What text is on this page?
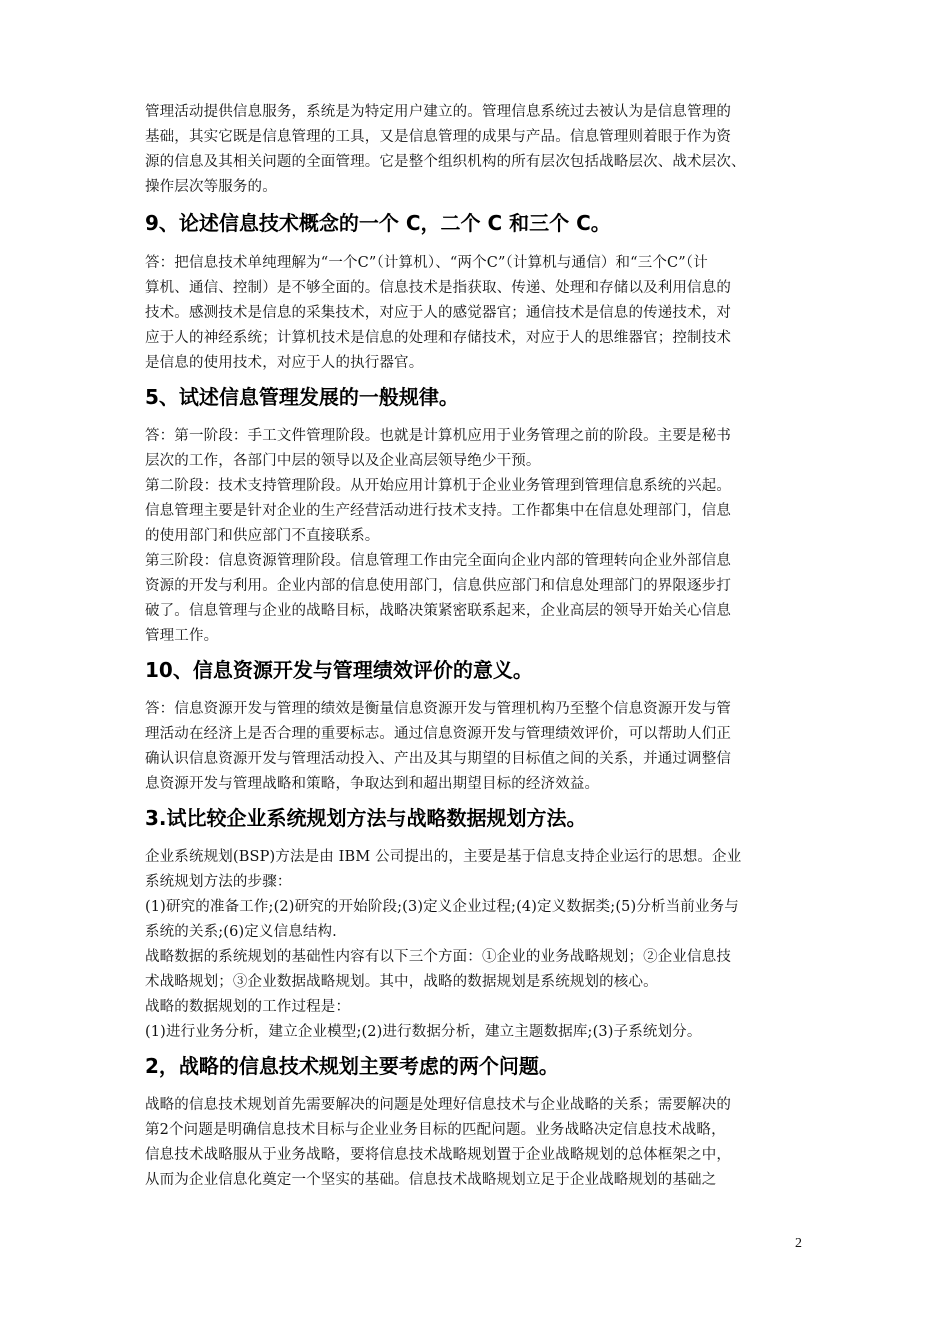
管理活动提供信息服务，系统是为特定用户建立的。管理信息系统过去被认为是信息管理的
基础，其实它既是信息管理的工具，又是信息管理的成果与产品。信息管理则着眼于作为资
源的信息及其相关问题的全面管理。它是整个组织机构的所有层次包括战略层次、战术层次、
操作层次等服务的。

9、论述信息技术概念的一个 C，二个 C 和三个 C。

答：把信息技术单纯理解为“一个C”（计算机）、“两个C”（计算机与通信）和“三个C”（计
算机、通信、控制）是不够全面的。信息技术是指获取、传递、处理和存储以及利用信息的
技术。感测技术是信息的采集技术，对应于人的感觉器官；通信技术是信息的传递技术，对
应于人的神经系统；计算机技术是信息的处理和存储技术，对应于人的思维器官；控制技术
是信息的使用技术，对应于人的执行器官。

5、试述信息管理发展的一般规律。

答：第一阶段：手工文件管理阶段。也就是计算机应用于业务管理之前的阶段。主要是秘书
层次的工作，各部门中层的领导以及企业高层领导绝少干预。
第二阶段：技术支持管理阶段。从开始应用计算机于企业业务管理到管理信息系统的兴起。
信息管理主要是针对企业的生产经营活动进行技术支持。工作都集中在信息处理部门，信息
的使用部门和供应部门不直接联系。
第三阶段：信息资源管理阶段。信息管理工作由完全面向企业内部的管理转向企业外部信息
资源的开发与利用。企业内部的信息使用部门，信息供应部门和信息处理部门的界限逐步打
破了。信息管理与企业的战略目标，战略决策紧密联系起来，企业高层的领导开始关心信息
管理工作。

10、信息资源开发与管理绩效评价的意义。

答：信息资源开发与管理的绩效是衡量信息资源开发与管理机构乃至整个信息资源开发与管
理活动在经济上是否合理的重要标志。通过信息资源开发与管理绩效评价，可以帮助人们正
确认识信息资源开发与管理活动投入、产出及其与期望的目标值之间的关系，并通过调整信
息资源开发与管理战略和策略，争取达到和超出期望目标的经济效益。

3.试比较企业系统规划方法与战略数据规划方法。

企业系统规划(BSP)方法是由 IBM 公司提出的，主要是基于信息支持企业运行的思想。企业
系统规划方法的步骤：
(1)研究的准备工作;(2)研究的开始阶段;(3)定义企业过程;(4)定义数据类;(5)分析当前业务与
系统的关系;(6)定义信息结构.
战略数据的系统规划的基础性内容有以下三个方面：①企业的业务战略规划；②企业信息技
术战略规划；③企业数据战略规划。其中，战略的数据规划是系统规划的核心。
战略的数据规划的工作过程是：
(1)进行业务分析，建立企业模型;(2)进行数据分析，建立主题数据库;(3)子系统划分。

2，战略的信息技术规划主要考虑的两个问题。

战略的信息技术规划首先需要解决的问题是处理好信息技术与企业战略的关系；需要解决的
第2个问题是明确信息技术目标与企业业务目标的匹配问题。业务战略决定信息技术战略，
信息技术战略服从于业务战略，要将信息技术战略规划置于企业战略规划的总体框架之中，
从而为企业信息化奠定一个坚实的基础。信息技术战略规划立足于企业战略规划的基础之

2
